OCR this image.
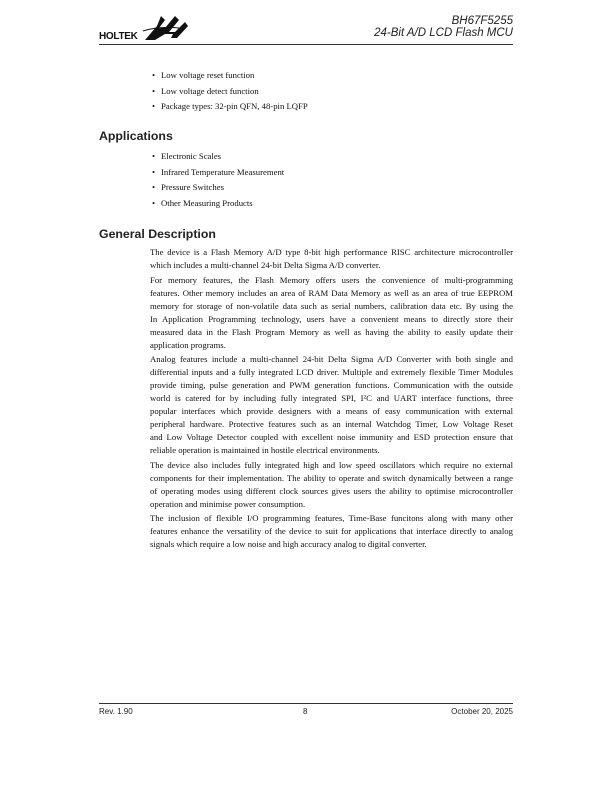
HOLTEK
BH67F5255
24-Bit A/D LCD Flash MCU
• Low voltage reset function
• Low voltage detect function
• Package types: 32-pin QFN, 48-pin LQFP
Applications
• Electronic Scales
• Infrared Temperature Measurement
• Pressure Switches
• Other Measuring Products
General Description
The device is a Flash Memory A/D type 8-bit high performance RISC architecture microcontroller
which includes a multi-channel 24-bit Delta Sigma A/D converter.
For memory features, the Flash Memory offers users the convenience of multi-programming
features. Other memory includes an area of RAM Data Memory as well as an area of true EEPROM
memory for storage of non-volatile data such as serial numbers, calibration data etc. By using the
In Application Programming technology, users have a convenient means to directly store their
measured data in the Flash Program Memory as well as having the ability to easily update their
application programs.
Analog features include a multi-channel 24-bit Delta Sigma A/D Converter with both single and
differential inputs and a fully integrated LCD driver. Multiple and extremely flexible Timer Modules
provide timing, pulse generation and PWM generation functions. Communication with the outside
world is catered for by including fully integrated SPI, I²C and UART interface functions, three
popular interfaces which provide designers with a means of easy communication with external
peripheral hardware. Protective features such as an internal Watchdog Timer, Low Voltage Reset
and Low Voltage Detector coupled with excellent noise immunity and ESD protection ensure that
reliable operation is maintained in hostile electrical environments.
The device also includes fully integrated high and low speed oscillators which require no external
components for their implementation. The ability to operate and switch dynamically between a range
of operating modes using different clock sources gives users the ability to optimise microcontroller
operation and minimise power consumption.
The inclusion of flexible I/O programming features, Time-Base funcitons along with many other
features enhance the versatility of the device to suit for applications that interface directly to analog
signals which require a low noise and high accuracy analog to digital converter.
Rev. 1.90	8	October 20, 2025
